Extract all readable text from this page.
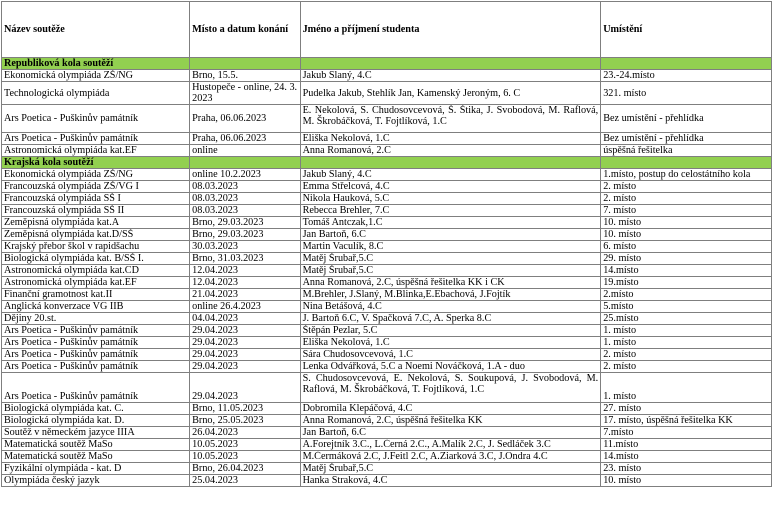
Název soutěže	Místo a datum konání	Jméno a příjmení studenta	Umístění
Republiková kola soutěží			
Ekonomická olympiáda ZŠ/NG	Brno, 15.5.	Jakub Slaný, 4.C	23.-24.místo
Technologická olympiáda	Hustopeče - online, 24. 3. 2023	Pudelka Jakub, Stehlík Jan, Kamenský Jeroným, 6. C	321. místo
Ars Poetica - Puškinův památník	Praha, 06.06.2023	E. Nekolová, S. Chudosovcevová, Š. Štika, J. Svobodová, M. Raflová, M. Škrobáčková, T. Fojtlíková, 1.C	Bez umístění - přehlídka
Ars Poetica - Puškinův památník	Praha, 06.06.2023	Eliška Nekolová, 1.C	Bez umístění - přehlídka
Astronomická olympiáda kat.EF	online	Anna Romanová, 2.C	úspěšná řešitelka
Krajská kola soutěží			
Ekonomická olympiáda ZŠ/NG	online 10.2.2023	Jakub Slaný, 4.C	1.místo, postup do celostátního kola
Francouzská olympiáda ZŠ/VG I	08.03.2023	Emma Střelcová, 4.C	2. místo
Francouzská olympiáda SŠ I	08.03.2023	Nikola Hauková, 5.C	2. místo
Francouzská olympiáda SŠ II	08.03.2023	Rebecca Brehler, 7.C	7. místo
Zeměpisná olympiáda kat.A	Brno, 29.03.2023	Tomáš Antczak,1.C	10. místo
Zeměpisná olympiáda kat.D/SŠ	Brno, 29.03.2023	Jan Bartoň, 6.C	10. místo
Krajský přebor škol v rapidšachu	30.03.2023	Martin Vaculík, 8.C	6. místo
Biologická olympiáda kat. B/SŠ I.	Brno, 31.03.2023	Matěj Šrubař,5.C	29. místo
Astronomická olympiáda kat.CD	12.04.2023	Matěj Šrubař,5.C	14.místo
Astronomická olympiáda kat.EF	12.04.2023	Anna Romanová, 2.C, úspěšná řešitelka KK i CK	19.místo
Finanční gramotnost kat.II	21.04.2023	M.Brehler, J.Slaný, M.Blinka,E.Ebachová, J.Fojtík	2.místo
Anglická konverzace VG IIB	online 26.4.2023	Nina Betášová, 4.C	5.místo
Dějiny 20.st.	04.04.2023	J. Bartoň 6.C, V. Spačková 7.C, A. Sperka 8.C	25.místo
Ars Poetica - Puškinův památník	29.04.2023	Štěpán Pezlar, 5.C	1. místo
Ars Poetica - Puškinův památník	29.04.2023	Eliška Nekolová, 1.C	1. místo
Ars Poetica - Puškinův památník	29.04.2023	Sára Chudosovcevová, 1.C	2. místo
Ars Poetica - Puškinův památník	29.04.2023	Lenka Odvářková, 5.C a Noemi Nováčková, 1.A - duo	2. místo
Ars Poetica - Puškinův památník	29.04.2023	S. Chudosovcevová, E. Nekolová, S. Soukupová, J. Svobodová, M. Raflová, M. Škrobáčková, T. Fojtlíková, 1.C	1. místo
Biologická olympiáda kat. C.	Brno, 11.05.2023	Dobromila Klepáčová, 4.C	27. místo
Biologická olympiáda kat. D.	Brno, 25.05.2023	Anna Romanová, 2.C, úspěšná řešitelka KK	17. místo, úspěšná řešitelka KK
Soutěž v německém jazyce IIIA	26.04.2023	Jan Bartoň, 6.C	7.místo
Matematická soutěž MaSo	10.05.2023	A.Forejtník 3.C., L.Černá 2.C., A.Malík 2.C, J. Sedláček 3.C	11.místo
Matematická soutěž MaSo	10.05.2023	M.Čermáková 2.C, J.Feitl 2.C, A.Ziarková 3.C, J.Ondra 4.C	14.místo
Fyzikální olympiáda - kat. D	Brno, 26.04.2023	Matěj Šrubař,5.C	23. místo
Olympiáda český jazyk	25.04.2023	Hanka Straková, 4.C	10. místo
